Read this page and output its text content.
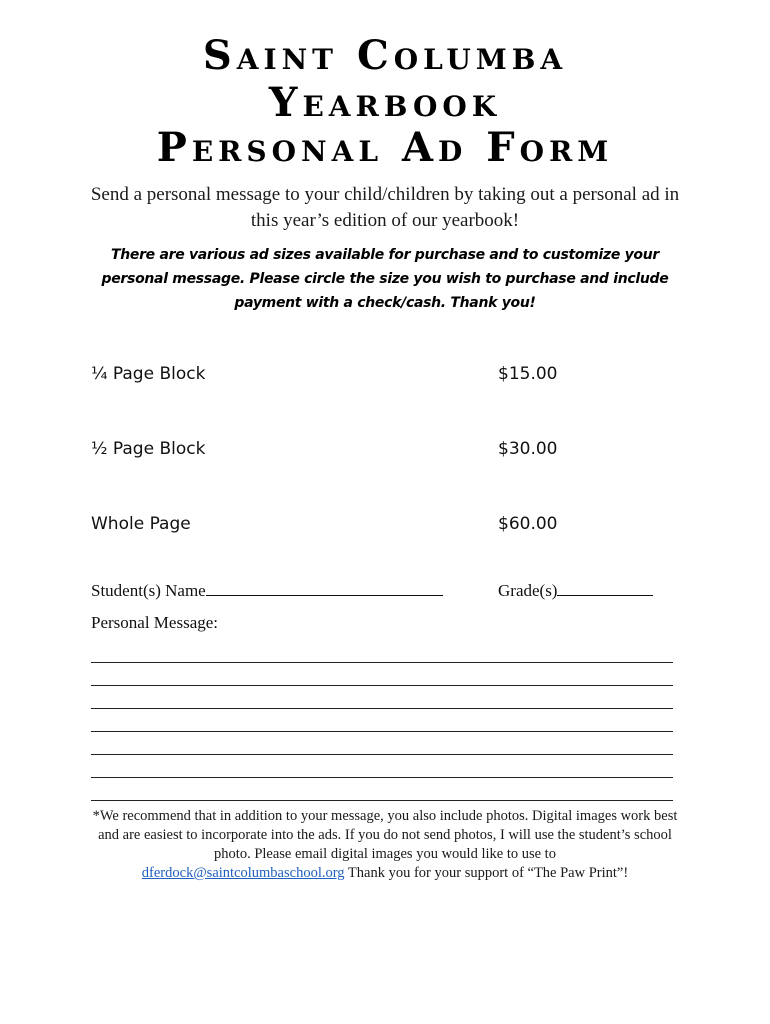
Saint Columba
Yearbook
Personal Ad Form
Send a personal message to your child/children by taking out a personal ad in this year’s edition of our yearbook!
There are various ad sizes available for purchase and to customize your personal message. Please circle the size you wish to purchase and include payment with a check/cash. Thank you!
¼ Page Block	$15.00
½ Page Block	$30.00
Whole Page	$60.00
Student(s) Name	Grade(s)
Personal Message:
*We recommend that in addition to your message, you also include photos. Digital images work best and are easiest to incorporate into the ads. If you do not send photos, I will use the student’s school photo. Please email digital images you would like to use to
dferdock@saintcolumbaschool.org Thank you for your support of “The Paw Print”!
